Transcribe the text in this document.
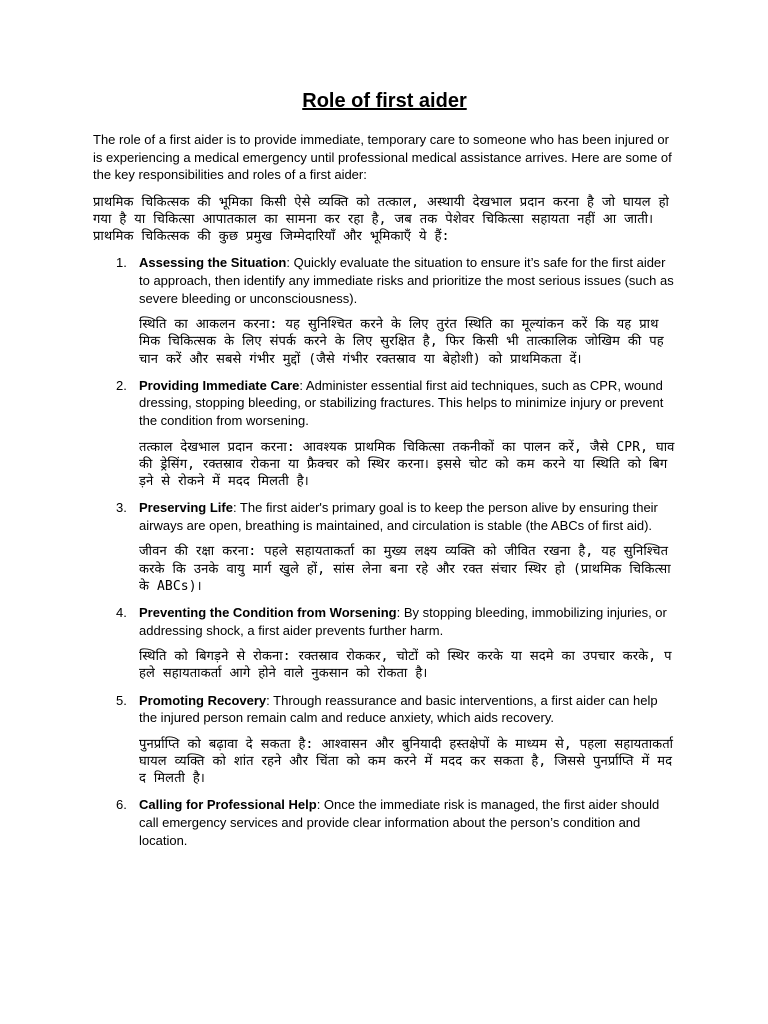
Role of first aider

The role of a first aider is to provide immediate, temporary care to someone who has been injured or is experiencing a medical emergency until professional medical assistance arrives. Here are some of the key responsibilities and roles of a first aider:

प्राथमिक चिकित्सक की भूमिका किसी ऐसे व्यक्ति को तत्काल, अस्थायी देखभाल प्रदान करना है जो घायल हो गया है या चिकित्सा आपातकाल का सामना कर रहा है, जब तक पेशेवर चिकित्सा सहायता नहीं आ जाती। प्राथमिक चिकित्सक की कुछ प्रमुख जिम्मेदारियाँ और भूमिकाएँ ये हैं:

1. Assessing the Situation: Quickly evaluate the situation to ensure it’s safe for the first aider to approach, then identify any immediate risks and prioritize the most serious issues (such as severe bleeding or unconsciousness).

स्थिति का आकलन करना: यह सुनिश्चित करने के लिए तुरंत स्थिति का मूल्यांकन करें कि यह प्राथमिक चिकित्सक के लिए संपर्क करने के लिए सुरक्षित है, फिर किसी भी तात्कालिक जोखिम की पहचान करें और सबसे गंभीर मुद्दों (जैसे गंभीर रक्तस्राव या बेहोशी) को प्राथमिकता दें।

2. Providing Immediate Care: Administer essential first aid techniques, such as CPR, wound dressing, stopping bleeding, or stabilizing fractures. This helps to minimize injury or prevent the condition from worsening.

तत्काल देखभाल प्रदान करना: आवश्यक प्राथमिक चिकित्सा तकनीकों का पालन करें, जैसे CPR, घाव की ड्रेसिंग, रक्तस्राव रोकना या फ्रैक्चर को स्थिर करना। इससे चोट को कम करने या स्थिति को बिगड़ने से रोकने में मदद मिलती है।

3. Preserving Life: The first aider's primary goal is to keep the person alive by ensuring their airways are open, breathing is maintained, and circulation is stable (the ABCs of first aid).

जीवन की रक्षा करना: पहले सहायताकर्ता का मुख्य लक्ष्य व्यक्ति को जीवित रखना है, यह सुनिश्चित करके कि उनके वायु मार्ग खुले हों, सांस लेना बना रहे और रक्त संचार स्थिर हो (प्राथमिक चिकित्सा के ABCs)।

4. Preventing the Condition from Worsening: By stopping bleeding, immobilizing injuries, or addressing shock, a first aider prevents further harm.

स्थिति को बिगड़ने से रोकना: रक्तस्राव रोककर, चोटों को स्थिर करके या सदमे का उपचार करके, पहले सहायताकर्ता आगे होने वाले नुकसान को रोकता है।

5. Promoting Recovery: Through reassurance and basic interventions, a first aider can help the injured person remain calm and reduce anxiety, which aids recovery.

पुनर्प्राप्ति को बढ़ावा दे सकता है: आश्वासन और बुनियादी हस्तक्षेपों के माध्यम से, पहला सहायताकर्ता घायल व्यक्ति को शांत रहने और चिंता को कम करने में मदद कर सकता है, जिससे पुनर्प्राप्ति में मदद मिलती है।

6. Calling for Professional Help: Once the immediate risk is managed, the first aider should call emergency services and provide clear information about the person’s condition and location.
